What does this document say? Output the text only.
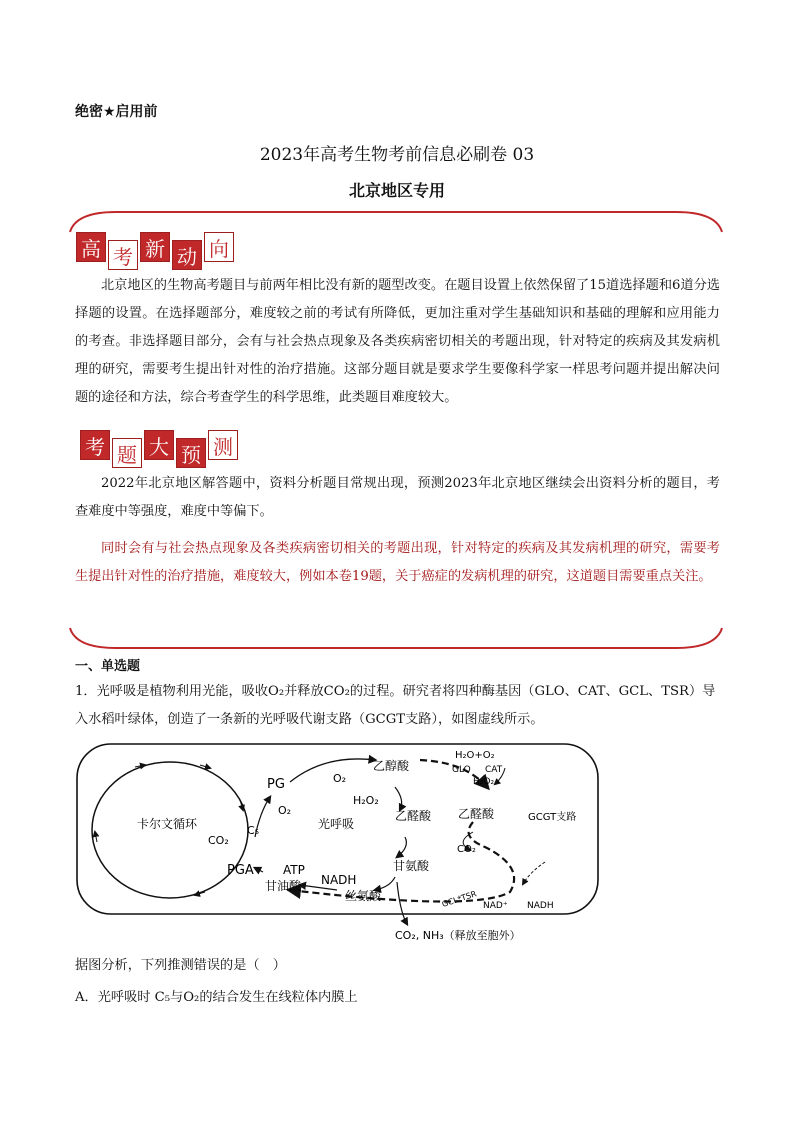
绝密★启用前
2023年高考生物考前信息必刷卷 03
北京地区专用
高 考 新 动 向
北京地区的生物高考题目与前两年相比没有新的题型改变。在题目设置上依然保留了15道选择题和6道分选择题的设置。在选择题部分，难度较之前的考试有所降低，更加注重对学生基础知识和基础的理解和应用能力的考查。非选择题目部分，会有与社会热点现象及各类疾病密切相关的考题出现，针对特定的疾病及其发病机理的研究，需要考生提出针对性的治疗措施。这部分题目就是要求学生要像科学家一样思考问题并提出解决问题的途径和方法，综合考查学生的科学思维，此类题目难度较大。
考 题 大 预 测
2022年北京地区解答题中，资料分析题目常规出现，预测2023年北京地区继续会出资料分析的题目，考查难度中等强度，难度中等偏下。
同时会有与社会热点现象及各类疾病密切相关的考题出现，针对特定的疾病及其发病机理的研究，需要考生提出针对性的治疗措施，难度较大，例如本卷19题，关于癌症的发病机理的研究，这道题目需要重点关注。
一、单选题
1．光呼吸是植物利用光能，吸收O₂并释放CO₂的过程。研究者将四种酶基因（GLO、CAT、GCL、TSR）导入水稻叶绿体，创造了一条新的光呼吸代谢支路（GCGT支路），如图虚线所示。
卡尔文循环	光呼吸
PG
PGA
C₅
O₂
CO₂
ATP
NADH
甘油酸
丝氨酸
乙醇酸
O₂
H₂O₂
乙醛酸
甘氨酸
CO₂, NH₃（释放至胞外）
H₂O+O₂
GLO CAT
H₂O₂
乙醛酸	GCGT支路
CO₂
GCL*TSR NAD⁺ NADH
据图分析，下列推测错误的是（　）
A．光呼吸时 C₅与O₂的结合发生在线粒体内膜上
